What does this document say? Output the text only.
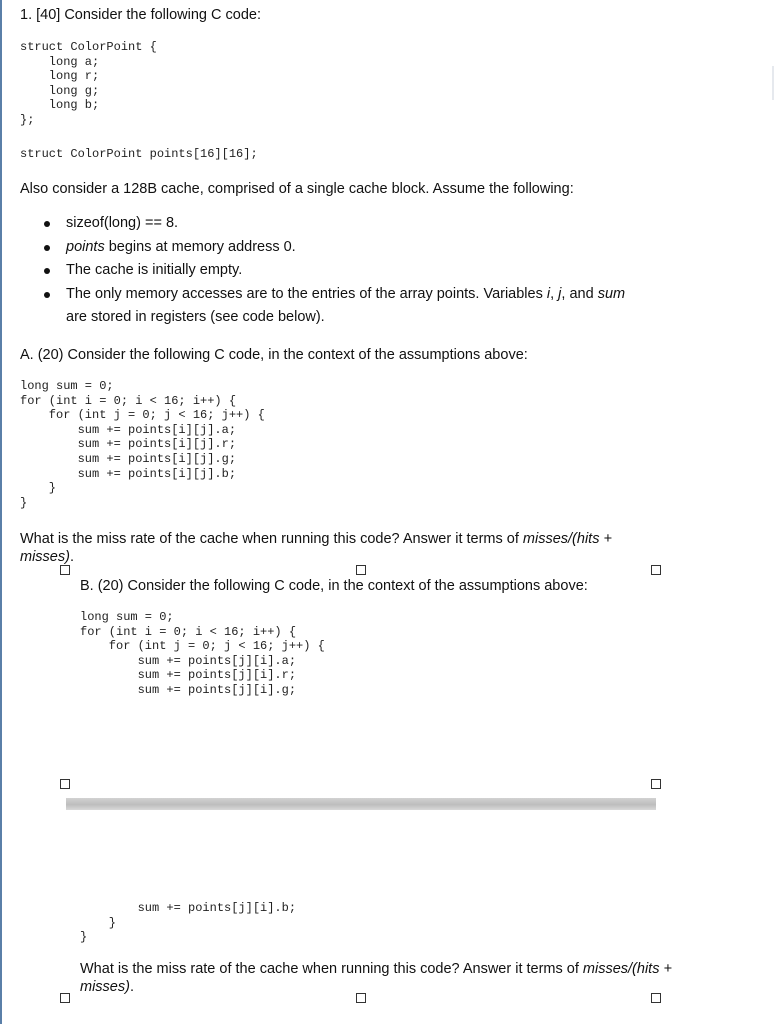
1. [40] Consider the following C code:
struct ColorPoint {
long a;
long r;
long g;
long b;
};
struct ColorPoint points[16][16];
Also consider a 128B cache, comprised of a single cache block. Assume the following:
sizeof(long) == 8.
points begins at memory address 0.
The cache is initially empty.
The only memory accesses are to the entries of the array points. Variables i, j, and sum
are stored in registers (see code below).
A. (20) Consider the following C code, in the context of the assumptions above:
long sum = 0;
for (int i = 0; i < 16; i++) {
for (int j = 0; j < 16; j++) {
sum += points[i][j].a;
sum += points[i][j].r;
sum += points[i][j].g;
sum += points[i][j].b;
}
}
What is the miss rate of the cache when running this code? Answer it terms of misses/(hits +
misses).
B. (20) Consider the following C code, in the context of the assumptions above:
long sum = 0;
for (int i = 0; i < 16; i++) {
for (int j = 0; j < 16; j++) {
sum += points[j][i].a;
sum += points[j][i].r;
sum += points[j][i].g;
sum += points[j][i].b;
}
}
What is the miss rate of the cache when running this code? Answer it terms of misses/(hits +
misses).
